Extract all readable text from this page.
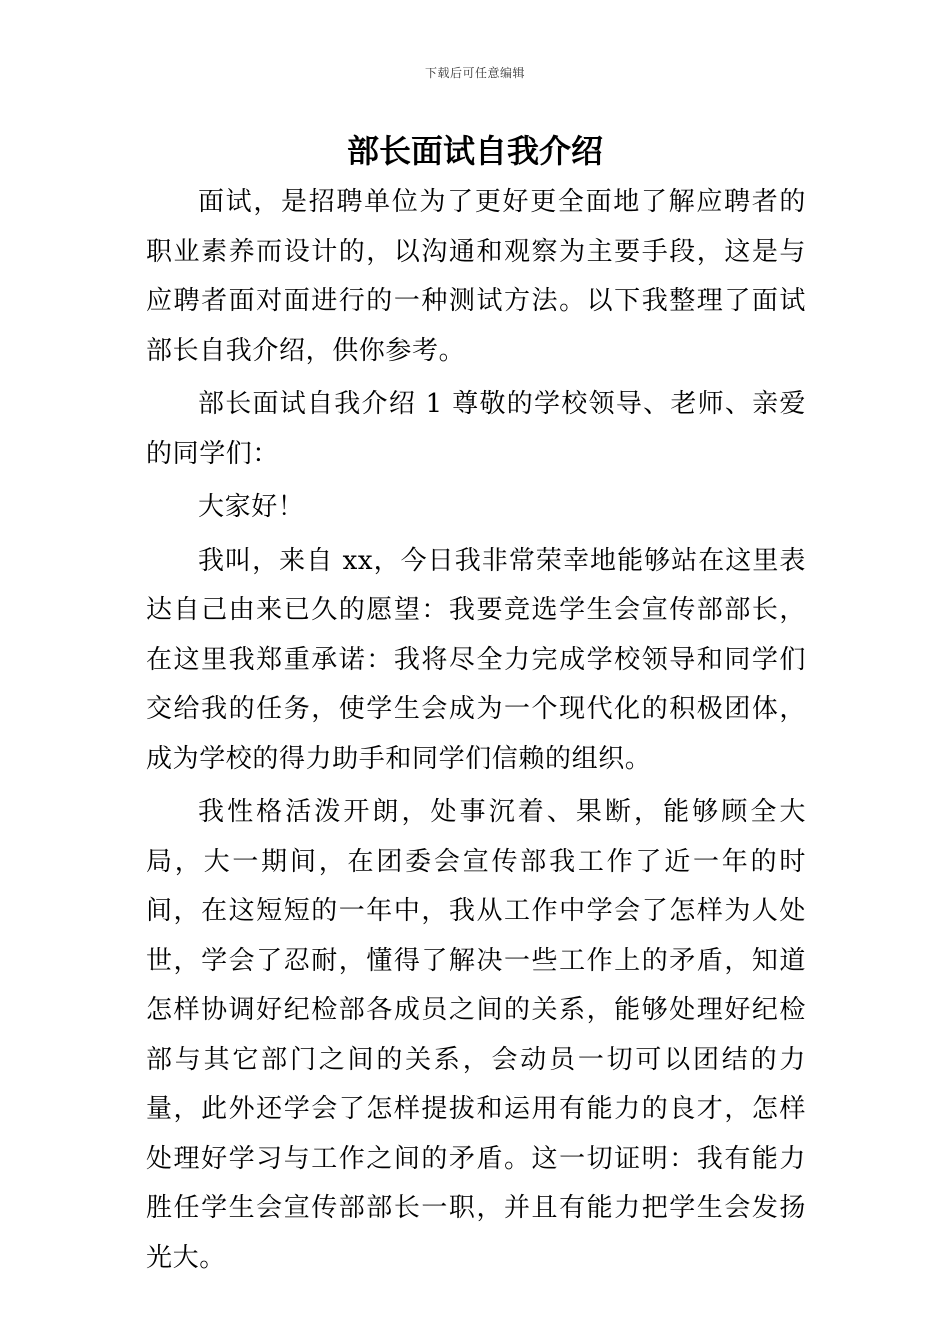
下载后可任意编辑
部长面试自我介绍

面试，是招聘单位为了更好更全面地了解应聘者的职业素养而设计的，以沟通和观察为主要手段，这是与应聘者面对面进行的一种测试方法。以下我整理了面试部长自我介绍，供你参考。

部长面试自我介绍 1 尊敬的学校领导、老师、亲爱的同学们：

大家好！

我叫，来自 xx，今日我非常荣幸地能够站在这里表达自己由来已久的愿望：我要竞选学生会宣传部部长，在这里我郑重承诺：我将尽全力完成学校领导和同学们交给我的任务，使学生会成为一个现代化的积极团体，成为学校的得力助手和同学们信赖的组织。

我性格活泼开朗，处事沉着、果断，能够顾全大局，大一期间，在团委会宣传部我工作了近一年的时间，在这短短的一年中，我从工作中学会了怎样为人处世，学会了忍耐，懂得了解决一些工作上的矛盾，知道怎样协调好纪检部各成员之间的关系，能够处理好纪检部与其它部门之间的关系，会动员一切可以团结的力量，此外还学会了怎样提拔和运用有能力的良才，怎样处理好学习与工作之间的矛盾。这一切证明：我有能力胜任学生会宣传部部长一职，并且有能力把学生会发扬光大。
